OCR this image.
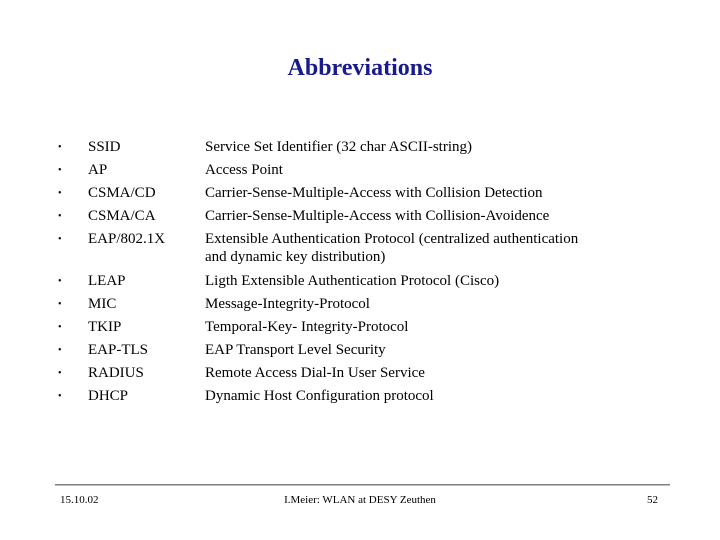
Abbreviations
• SSID	Service Set Identifier (32 char ASCII-string)
• AP	Access Point
• CSMA/CD	Carrier-Sense-Multiple-Access with Collision Detection
• CSMA/CA	Carrier-Sense-Multiple-Access with Collision-Avoidence
• EAP/802.1X	Extensible Authentication Protocol (centralized authentication
and dynamic key distribution)
• LEAP	Ligth Extensible Authentication Protocol (Cisco)
• MIC	Message-Integrity-Protocol
• TKIP	Temporal-Key- Integrity-Protocol
• EAP-TLS	EAP Transport Level Security
• RADIUS	Remote Access Dial-In User Service
• DHCP	Dynamic Host Configuration protocol
15.10.02	I.Meier: WLAN at DESY Zeuthen	52
